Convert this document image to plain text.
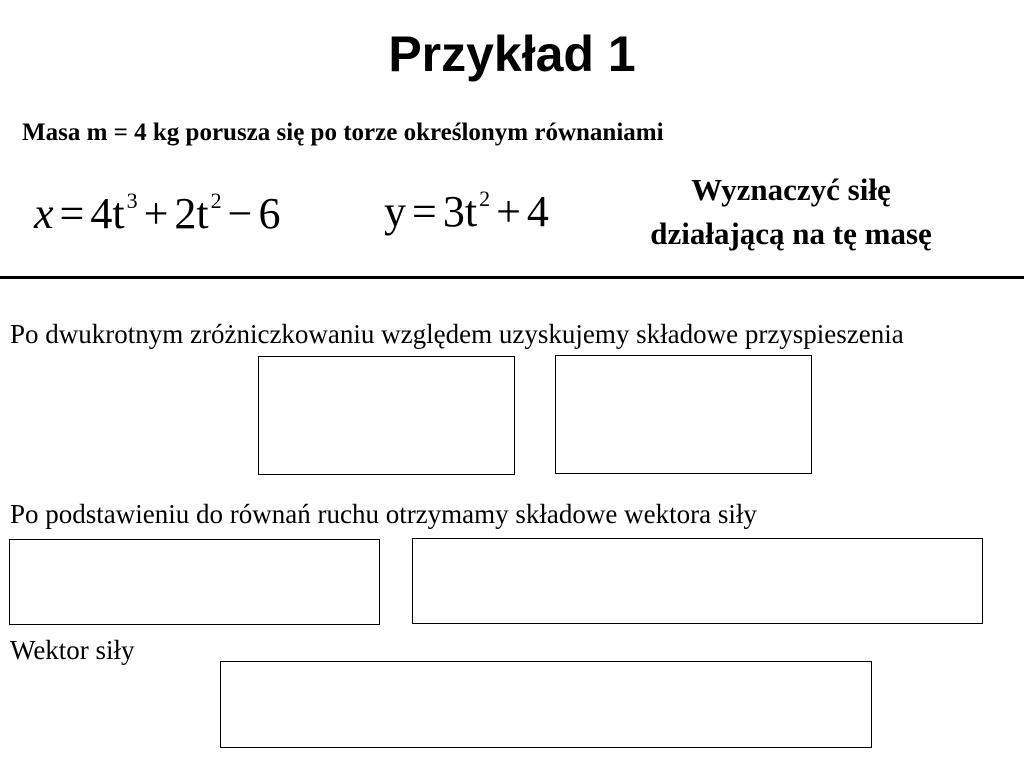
Przykład 1
Masa m = 4 kg porusza się po torze określonym równaniami
$x = 4t^3 + 2t^2 - 6$ $y = 3t^2 + 4$	Wyznaczyć siłę
działającą na tę masę
Po dwukrotnym zróżniczkowaniu względem uzyskujemy składowe przyspieszenia
Po podstawieniu do równań ruchu otrzymamy składowe wektora siły
Wektor siły
